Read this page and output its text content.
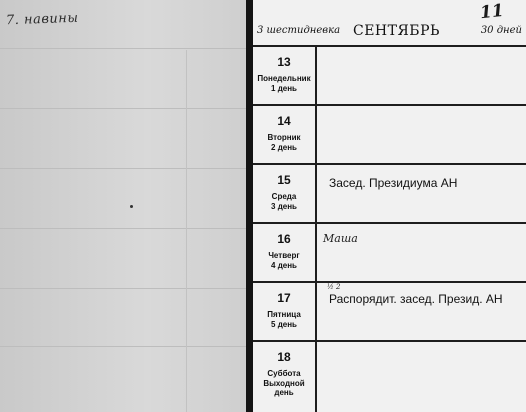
7. навины
3 шестидневка СЕНТЯБРЬ	30 дней
11
13
Понедельник
1 день
14
Вторник
2 день
15
Среда
3 день
Засед. Президиума АН
16
Четверг
4 день
Маша
17
Пятница
5 день
½ 2
Распорядит. засед. Презид. АН
18
Суббота
Выходной день
